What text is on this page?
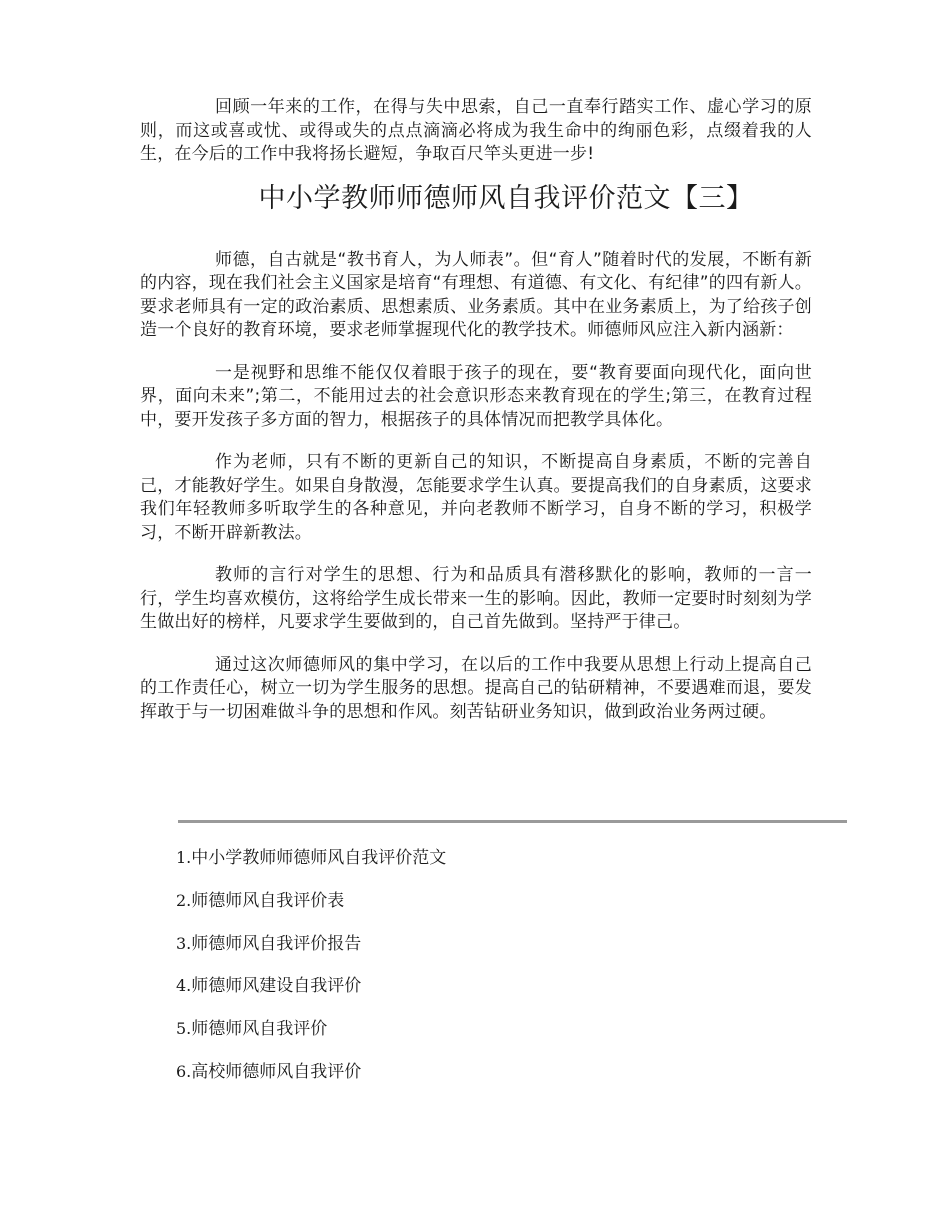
回顾一年来的工作，在得与失中思索，自己一直奉行踏实工作、虚心学习的原则，而这或喜或忧、或得或失的点点滴滴必将成为我生命中的绚丽色彩，点缀着我的人生，在今后的工作中我将扬长避短，争取百尺竿头更进一步!

中小学教师师德师风自我评价范文【三】

师德，自古就是“教书育人，为人师表”。但“育人”随着时代的发展，不断有新的内容，现在我们社会主义国家是培育“有理想、有道德、有文化、有纪律”的四有新人。要求老师具有一定的政治素质、思想素质、业务素质。其中在业务素质上，为了给孩子创造一个良好的教育环境，要求老师掌握现代化的教学技术。师德师风应注入新内涵新：

一是视野和思维不能仅仅着眼于孩子的现在，要“教育要面向现代化，面向世界，面向未来”;第二，不能用过去的社会意识形态来教育现在的学生;第三，在教育过程中，要开发孩子多方面的智力，根据孩子的具体情况而把教学具体化。

作为老师，只有不断的更新自己的知识，不断提高自身素质，不断的完善自己，才能教好学生。如果自身散漫，怎能要求学生认真。要提高我们的自身素质，这要求我们年轻教师多听取学生的各种意见，并向老教师不断学习，自身不断的学习，积极学习，不断开辟新教法。

教师的言行对学生的思想、行为和品质具有潜移默化的影响，教师的一言一行，学生均喜欢模仿，这将给学生成长带来一生的影响。因此，教师一定要时时刻刻为学生做出好的榜样，凡要求学生要做到的，自己首先做到。坚持严于律己。

通过这次师德师风的集中学习，在以后的工作中我要从思想上行动上提高自己的工作责任心，树立一切为学生服务的思想。提高自己的钻研精神，不要遇难而退，要发挥敢于与一切困难做斗争的思想和作风。刻苦钻研业务知识，做到政治业务两过硬。

1.中小学教师师德师风自我评价范文
2.师德师风自我评价表
3.师德师风自我评价报告
4.师德师风建设自我评价
5.师德师风自我评价
6.高校师德师风自我评价
